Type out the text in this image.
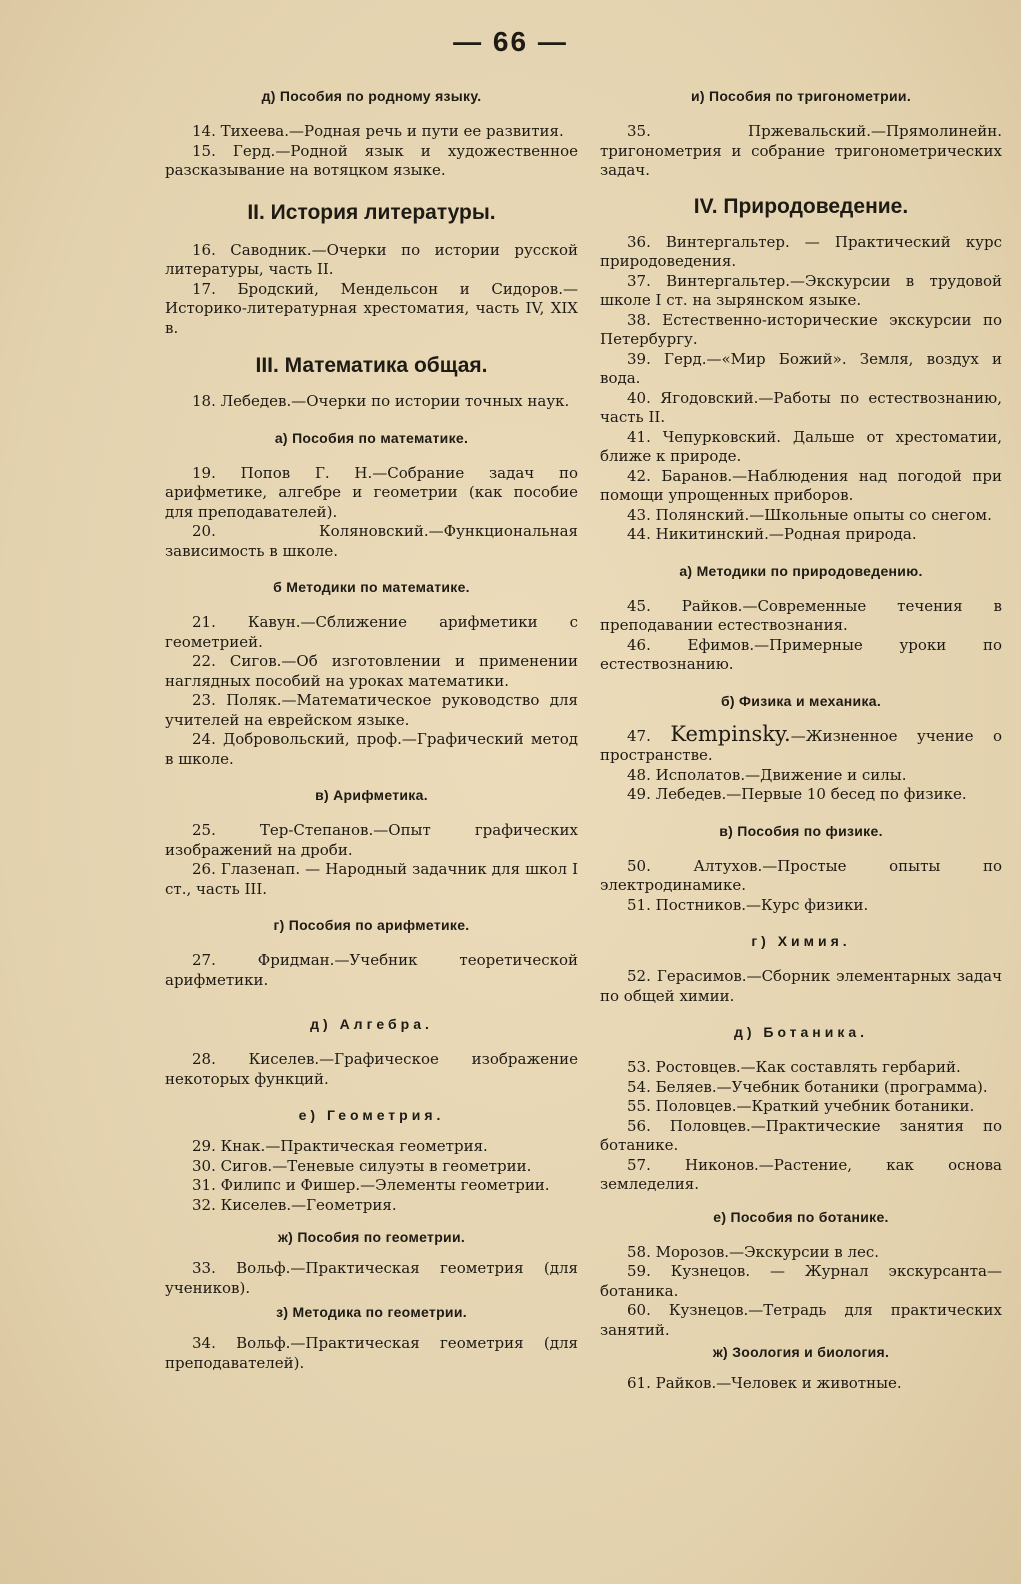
— 66 —
д) Пособия по родному языку.

14. Тихеева.—Родная речь и пути ее развития.

15. Герд.—Родной язык и художественное разсказывание на вотяцком языке.

II. История литературы.

16. Саводник.—Очерки по истории русской литературы, часть II.

17. Бродский, Мендельсон и Сидоров.—Историко-литературная хрестоматия, часть IV, XIX в.

III. Математика общая.

18. Лебедев.—Очерки по истории точных наук.

а) Пособия по математике.

19. Попов Г. Н.—Собрание задач по арифметике, алгебре и геометрии (как пособие для преподавателей).

20. Коляновский.—Функциональная зависимость в школе.

б Методики по математике.

21. Кавун.—Сближение арифметики с геометрией.

22. Сигов.—Об изготовлении и применении наглядных пособий на уроках математики.

23. Поляк.—Математическое руководство для учителей на еврейском языке.

24. Добровольский, проф.—Графический метод в школе.

в) Арифметика.

25. Тер-Степанов.—Опыт графических изображений на дроби.

26. Глазенап. — Народный задачник для школ I ст., часть III.

г) Пособия по арифметике.

27. Фридман.—Учебник теоретической арифметики.

д) Алгебра.

28. Киселев.—Графическое изображение некоторых функций.

е) Геометрия.

29. Кнак.—Практическая геометрия.

30. Сигов.—Теневые силуэты в геометрии.

31. Филипс и Фишер.—Элементы геометрии.

32. Киселев.—Геометрия.

ж) Пособия по геометрии.

33. Вольф.—Практическая геометрия (для учеников).

з) Методика по геометрии.

34. Вольф.—Практическая геометрия (для преподавателей).

и) Пособия по тригонометрии.

35. Пржевальский.—Прямолинейн. тригонометрия и собрание тригонометрических задач.

IV. Природоведение.

36. Винтергальтер. — Практический курс природоведения.

37. Винтергальтер.—Экскурсии в трудовой школе I ст. на зырянском языке.

38. Естественно-исторические экскурсии по Петербургу.

39. Герд.—«Мир Божий». Земля, воздух и вода.

40. Ягодовский.—Работы по естествознанию, часть II.

41. Чепурковский. Дальше от хрестоматии, ближе к природе.

42. Баранов.—Наблюдения над погодой при помощи упрощенных приборов.

43. Полянский.—Школьные опыты со снегом.

44. Никитинский.—Родная природа.

а) Методики по природоведению.

45. Райков.—Современные течения в преподавании естествознания.

46. Ефимов.—Примерные уроки по естествознанию.

б) Физика и механика.

47. Kempinsky.—Жизненное учение о пространстве.

48. Исполатов.—Движение и силы.

49. Лебедев.—Первые 10 бесед по физике.

в) Пособия по физике.

50. Алтухов.—Простые опыты по электродинамике.

51. Постников.—Курс физики.

г) Химия.

52. Герасимов.—Сборник элементарных задач по общей химии.

д) Ботаника.

53. Ростовцев.—Как составлять гербарий.

54. Беляев.—Учебник ботаники (программа).

55. Половцев.—Краткий учебник ботаники.

56. Половцев.—Практические занятия по ботанике.

57. Никонов.—Растение, как основа земледелия.

е) Пособия по ботанике.

58. Морозов.—Экскурсии в лес.

59. Кузнецов. — Журнал экскурсанта—ботаника.

60. Кузнецов.—Тетрадь для практических занятий.

ж) Зоология и биология.

61. Райков.—Человек и животные.
